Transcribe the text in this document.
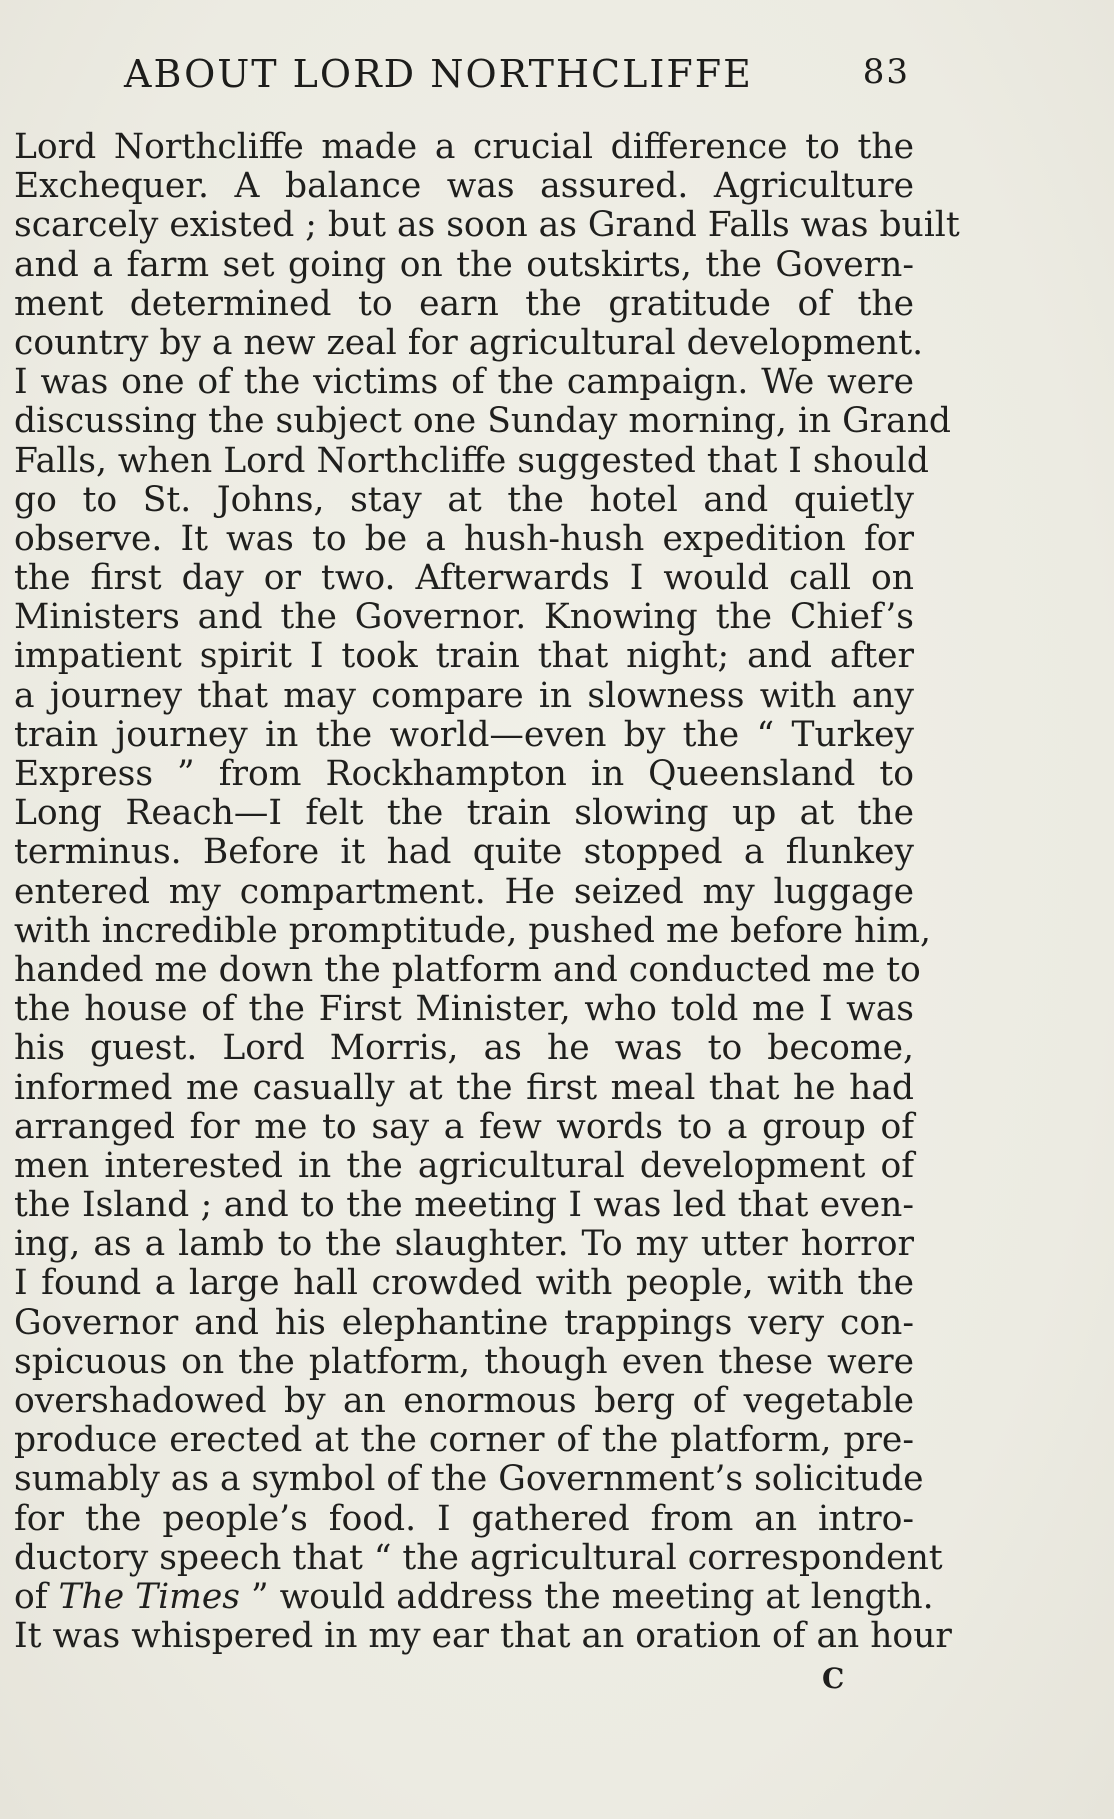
ABOUT LORD NORTHCLIFFE	83
Lord Northcliffe made a crucial difference to the
Exchequer. A balance was assured. Agriculture
scarcely existed ; but as soon as Grand Falls was built
and a farm set going on the outskirts, the Govern-
ment determined to earn the gratitude of the
country by a new zeal for agricultural development.
I was one of the victims of the campaign. We were
discussing the subject one Sunday morning, in Grand
Falls, when Lord Northcliffe suggested that I should
go to St. Johns, stay at the hotel and quietly
observe. It was to be a hush-hush expedition for
the first day or two. Afterwards I would call on
Ministers and the Governor. Knowing the Chief’s
impatient spirit I took train that night; and after
a journey that may compare in slowness with any
train journey in the world—even by the “ Turkey
Express ” from Rockhampton in Queensland to
Long Reach—I felt the train slowing up at the
terminus. Before it had quite stopped a flunkey
entered my compartment. He seized my luggage
with incredible promptitude, pushed me before him,
handed me down the platform and conducted me to
the house of the First Minister, who told me I was
his guest. Lord Morris, as he was to become,
informed me casually at the first meal that he had
arranged for me to say a few words to a group of
men interested in the agricultural development of
the Island ; and to the meeting I was led that even-
ing, as a lamb to the slaughter. To my utter horror
I found a large hall crowded with people, with the
Governor and his elephantine trappings very con-
spicuous on the platform, though even these were
overshadowed by an enormous berg of vegetable
produce erected at the corner of the platform, pre-
sumably as a symbol of the Government’s solicitude
for the people’s food. I gathered from an intro-
ductory speech that “ the agricultural correspondent
of The Times ” would address the meeting at length.
It was whispered in my ear that an oration of an hour
C
